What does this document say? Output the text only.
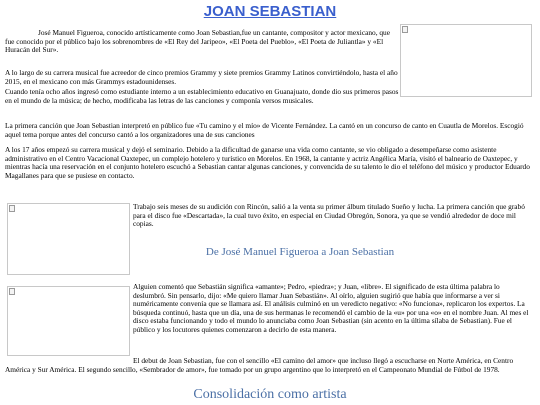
JOAN SEBASTIAN

José Manuel Figueroa, conocido artísticamente como Joan Sebastian,fue un cantante, compositor y actor mexicano, que fue conocido por el público bajo los sobrenombres de «El Rey del Jaripeo», «El Poeta del Pueblo», «El Poeta de Juliantla» y «El Huracán del Sur».

A lo largo de su carrera musical fue acreedor de cinco premios Grammy y siete premios Grammy Latinos convirtiéndolo, hasta el año 2015, en el mexicano con más Grammys estadounidenses.

Cuando tenía ocho años ingresó como estudiante interno a un establecimiento educativo en Guanajuato, donde dio sus primeros pasos en el mundo de la música; de hecho, modificaba las letras de las canciones y componía versos musicales.

La primera canción que Joan Sebastian interpretó en público fue «Tu camino y el mío» de Vicente Fernández. La cantó en un concurso de canto en Cuautla de Morelos. Escogió aquel tema porque antes del concurso cantó a los organizadores una de sus canciones

A los 17 años empezó su carrera musical y dejó el seminario. Debido a la dificultad de ganarse una vida como cantante, se vio obligado a desempeñarse como asistente administrativo en el Centro Vacacional Oaxtepec, un complejo hotelero y turístico en Morelos. En 1968, la cantante y actriz Angélica María, visitó el balneario de Oaxtepec, y mientras hacía una reservación en el conjunto hotelero escuchó a Sebastian cantar algunas canciones, y convencida de su talento le dio el teléfono del músico y productor Eduardo Magallanes para que se pusiese en contacto.

Trabajo seis meses de su audición con Rincón, salió a la venta su primer álbum titulado Sueño y lucha. La primera canción que grabó para el disco fue «Descartada», la cual tuvo éxito, en especial en Ciudad Obregón, Sonora, ya que se vendió alrededor de doce mil copias.

De José Manuel Figueroa a Joan Sebastian

Alguien comentó que Sebastián significa «amante»; Pedro, «piedra»; y Juan, «libre». El significado de esta última palabra lo deslumbró. Sin pensarlo, dijo: «Me quiero llamar Juan Sebastián». Al oírlo, alguien sugirió que había que informarse a ver si numéricamente convenía que se llamara así. El análisis culminó en un veredicto negativo: «No funciona», replicaron los expertos. La búsqueda continuó, hasta que un día, una de sus hermanas le recomendó el cambio de la «u» por una «o» en el nombre Juan. Al mes el disco estaba funcionando y todo el mundo lo anunciaba como Joan Sebastian (sin acento en la última sílaba de Sebastian). Fue el público y los locutores quienes comenzaron a decirlo de esta manera.

El debut de Joan Sebastian, fue con el sencillo «El camino del amor» que incluso llegó a escucharse en Norte América, en Centro América y Sur América. El segundo sencillo, «Sembrador de amor», fue tomado por un grupo argentino que lo interpretó en el Campeonato Mundial de Fútbol de 1978.

Consolidación como artista
